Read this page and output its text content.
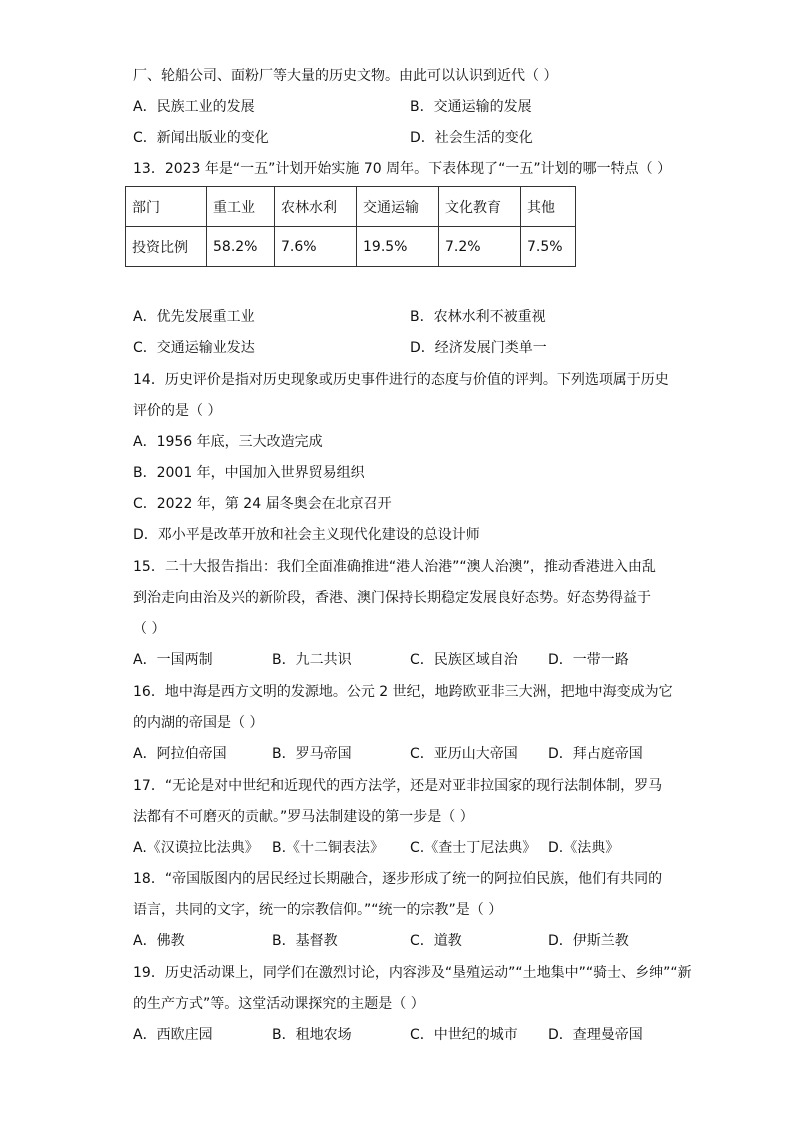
厂、轮船公司、面粉厂等大量的历史文物。由此可以认识到近代（ ）
A．民族工业的发展	B．交通运输的发展
C．新闻出版业的变化	D．社会生活的变化
13．2023 年是“一五”计划开始实施 70 周年。下表体现了“一五”计划的哪一特点（ ）
部门	重工业	农林水利	交通运输	文化教育	其他
投资比例	58.2%	7.6%	19.5%	7.2%	7.5%
A．优先发展重工业	B．农林水利不被重视
C．交通运输业发达	D．经济发展门类单一
14．历史评价是指对历史现象或历史事件进行的态度与价值的评判。下列选项属于历史
评价的是（ ）
A．1956 年底，三大改造完成
B．2001 年，中国加入世界贸易组织
C．2022 年，第 24 届冬奥会在北京召开
D．邓小平是改革开放和社会主义现代化建设的总设计师
15．二十大报告指出：我们全面准确推进“港人治港”“澳人治澳”，推动香港进入由乱
到治走向由治及兴的新阶段，香港、澳门保持长期稳定发展良好态势。好态势得益于
（ ）
A．一国两制	B．九二共识	C．民族区域自治 D．一带一路
16．地中海是西方文明的发源地。公元 2 世纪，地跨欧亚非三大洲，把地中海变成为它
的内湖的帝国是（ ）
A．阿拉伯帝国	B．罗马帝国	C．亚历山大帝国 D．拜占庭帝国
17．“无论是对中世纪和近现代的西方法学，还是对亚非拉国家的现行法制体制，罗马
法都有不可磨灭的贡献。”罗马法制建设的第一步是（ ）
A.《汉谟拉比法典》 B.《十二铜表法》 C.《查士丁尼法典》 D.《法典》
18．“帝国版图内的居民经过长期融合，逐步形成了统一的阿拉伯民族，他们有共同的
语言，共同的文字，统一的宗教信仰。”“统一的宗教”是（ ）
A．佛教	B．基督教	C．道教	D．伊斯兰教
19．历史活动课上，同学们在激烈讨论，内容涉及“垦殖运动”“土地集中”“骑士、乡绅”“新
的生产方式”等。这堂活动课探究的主题是（ ）
A．西欧庄园	B．租地农场	C．中世纪的城市 D．查理曼帝国
